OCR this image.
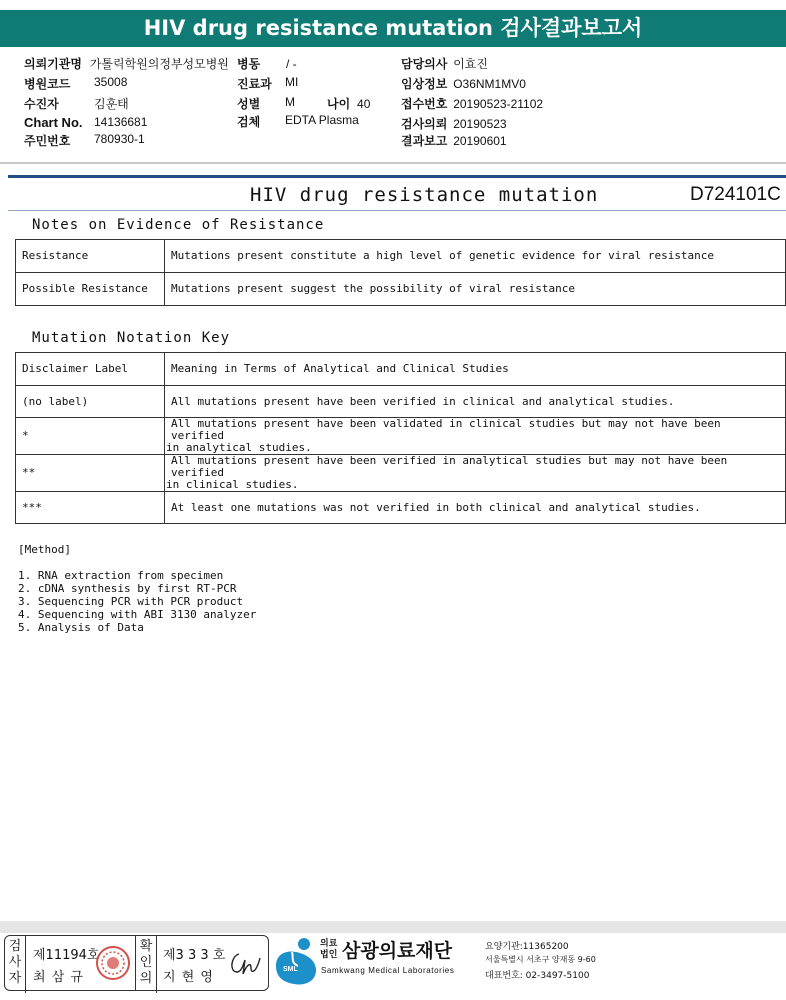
HIV drug resistance mutation 검사결과보고서
의뢰기관명 가톨릭학원의정부성모병원 병동 / -	담당의사 이효진
병원코드 35008	진료과 MI	임상정보 O36NM1MV0
수진자	김훈태	성별 M	나이 40	접수번호 20190523-21102
Chart No. 14136681	검체 EDTA Plasma	검사의뢰 20190523
주민번호 780930-1	결과보고 20190601
HIV drug resistance mutation	D724101C
Notes on Evidence of Resistance
Resistance	Mutations present constitute a high level of genetic evidence for viral resistance
Possible Resistance	Mutations present suggest the possibility of viral resistance
Mutation Notation Key
Disclaimer Label	Meaning in Terms of Analytical and Clinical Studies
(no label)	All mutations present have been verified in clinical and analytical studies.
*	All mutations present have been validated in clinical studies but may not have been verified
in analytical studies.

**	All mutations present have been verified in analytical studies but may not have been verified
in clinical studies.

***	At least one mutations was not verified in both clinical and analytical studies.
[Method]
1. RNA extraction from specimen
2. cDNA synthesis by first RT-PCR
3. Sequencing PCR with PCR product
4. Sequencing with ABI 3130 analyzer
5. Analysis of Data
검사자
제11194호
최 삼 규
확인의
제3 3 3 호
지 현 영
SML
의료법인 삼광의료재단
Samkwang Medical Laboratories
요양기관:11365200
서울특별시 서초구 양재동 9-60
대표번호: 02-3497-5100
